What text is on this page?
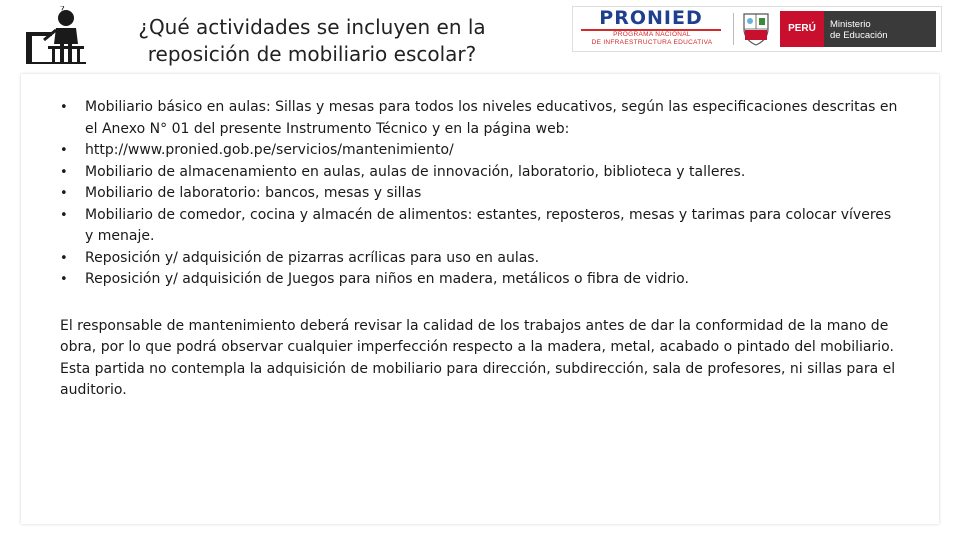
?
¿Qué actividades se incluyen en la
reposición de mobiliario escolar?
PRONIED
PROGRAMA NACIONAL
DE INFRAESTRUCTURA EDUCATIVA
PERÚ	Ministerio
de Educación
• Mobiliario básico en aulas: Sillas y mesas para todos los niveles educativos, según las especificaciones descritas en el Anexo N° 01 del presente Instrumento Técnico y en la página web:
• http://www.pronied.gob.pe/servicios/mantenimiento/
• Mobiliario de almacenamiento en aulas, aulas de innovación, laboratorio, biblioteca y talleres.
• Mobiliario de laboratorio: bancos, mesas y sillas
• Mobiliario de comedor, cocina y almacén de alimentos: estantes, reposteros, mesas y tarimas para colocar víveres y menaje.
• Reposición y/ adquisición de pizarras acrílicas para uso en aulas.
• Reposición y/ adquisición de Juegos para niños en madera, metálicos o fibra de vidrio.

El responsable de mantenimiento deberá revisar la calidad de los trabajos antes de dar la conformidad de la mano de obra, por lo que podrá observar cualquier imperfección respecto a la madera, metal, acabado o pintado del mobiliario.

Esta partida no contempla la adquisición de mobiliario para dirección, subdirección, sala de profesores, ni sillas para el auditorio.
